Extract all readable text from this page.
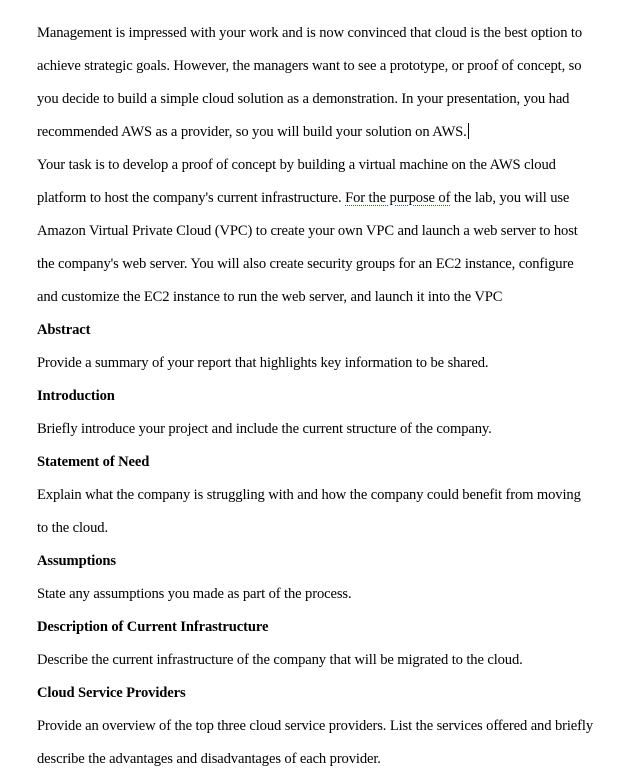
Management is impressed with your work and is now convinced that cloud is the best option to
achieve strategic goals. However, the managers want to see a prototype, or proof of concept, so
you decide to build a simple cloud solution as a demonstration. In your presentation, you had
recommended AWS as a provider, so you will build your solution on AWS.

Your task is to develop a proof of concept by building a virtual machine on the AWS cloud
platform to host the company's current infrastructure. For the purpose of the lab, you will use
Amazon Virtual Private Cloud (VPC) to create your own VPC and launch a web server to host
the company's web server. You will also create security groups for an EC2 instance, configure
and customize the EC2 instance to run the web server, and launch it into the VPC

Abstract

Provide a summary of your report that highlights key information to be shared.

Introduction

Briefly introduce your project and include the current structure of the company.

Statement of Need

Explain what the company is struggling with and how the company could benefit from moving
to the cloud.

Assumptions

State any assumptions you made as part of the process.

Description of Current Infrastructure

Describe the current infrastructure of the company that will be migrated to the cloud.

Cloud Service Providers

Provide an overview of the top three cloud service providers. List the services offered and briefly
describe the advantages and disadvantages of each provider.
